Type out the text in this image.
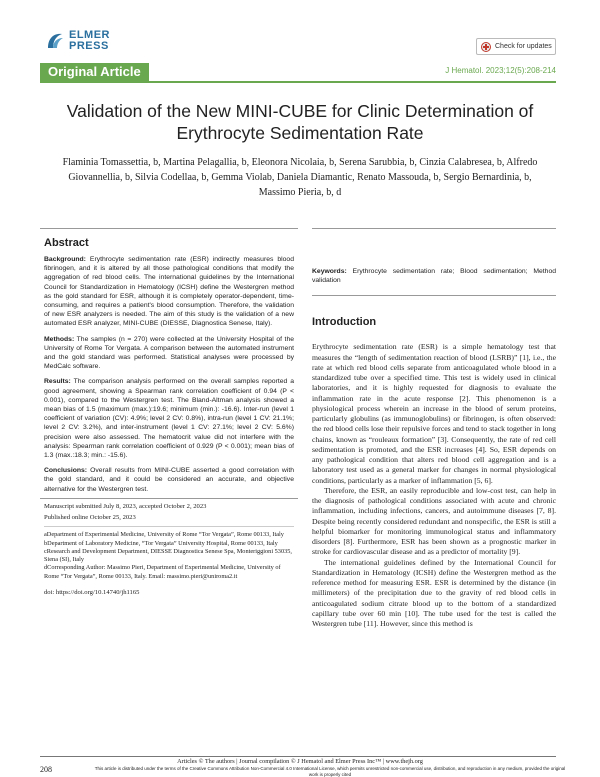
ELMER
PRESS	Check for updates
Original Article	J Hematol. 2023;12(5):208-214
Validation of the New MINI-CUBE for Clinic Determination of Erythrocyte Sedimentation Rate
Flaminia Tomassettia, b, Martina Pelagallia, b, Eleonora Nicolaia, b, Serena Sarubbia, b, Cinzia Calabresea, b, Alfredo Giovannellia, b, Silvia Codellaa, b, Gemma Violab, Daniela Diamantic, Renato Massouda, b, Sergio Bernardinia, b, Massimo Pieria, b, d
Abstract

Background: Erythrocyte sedimentation rate (ESR) indirectly measures blood fibrinogen, and it is altered by all those pathological conditions that modify the aggregation of red blood cells. The international guidelines by the International Council for Standardization in Hematology (ICSH) define the Westergren method as the gold standard for ESR, although it is completely operator-dependent, time-consuming, and requires a patient's blood consumption. Therefore, the validation of new ESR analyzers is needed. The aim of this study is the validation of a new automated ESR analyzer, MINI-CUBE (DIESSE, Diagnostica Senese, Italy).

Methods: The samples (n = 270) were collected at the University Hospital of the University of Rome Tor Vergata. A comparison between the automated instrument and the gold standard was performed. Statistical analyses were processed by MedCalc software.

Results: The comparison analysis performed on the overall samples reported a good agreement, showing a Spearman rank correlation coefficient of 0.94 (P < 0.001), compared to the Westergren test. The Bland-Altman analysis showed a mean bias of 1.5 (maximum (max.):19.6; minimum (min.): -16.6). Inter-run (level 1 coefficient of variation (CV): 4.9%; level 2 CV: 0.8%), intra-run (level 1 CV: 21.1%; level 2 CV: 3.2%), and inter-instrument (level 1 CV: 27.1%; level 2 CV: 5.6%) precision were also assessed. The hematocrit value did not interfere with the analysis: Spearman rank correlation coefficient of 0.929 (P < 0.001); mean bias of 1.3 (max.:18.3; min.: -15.6).

Conclusions: Overall results from MINI-CUBE asserted a good correlation with the gold standard, and it could be considered an accurate, and objective alternative for the Westergren test.

Manuscript submitted July 8, 2023, accepted October 2, 2023
Published online October 25, 2023
aDepartment of Experimental Medicine, University of Rome “Tor Vergata”, Rome 00133, Italy
bDepartment of Laboratory Medicine, “Tor Vergata” University Hospital, Rome 00133, Italy
cResearch and Development Department, DIESSE Diagnostica Senese Spa, Monteriggioni 53035, Siena (SI), Italy
dCorresponding Author: Massimo Pieri, Department of Experimental Medicine, University of Rome “Tor Vergata”, Rome 00133, Italy. Email: massimo.pieri@uniroma2.it
doi: https://doi.org/10.14740/jh1165

Keywords: Erythrocyte sedimentation rate; Blood sedimentation; Method validation

Introduction

Erythrocyte sedimentation rate (ESR) is a simple hematology test that measures the “length of sedimentation reaction of blood (LSRB)” [1], i.e., the rate at which red blood cells separate from anticoagulated whole blood in a standardized tube over a specified time. This test is widely used in clinical laboratories, and it is highly requested for diagnosis to evaluate the inflammation rate in the acute response [2]. This phenomenon is a physiological process wherein an increase in the blood of serum proteins, particularly globulins (as immunoglobulins) or fibrinogen, is often observed: the red blood cells lose their repulsive forces and tend to stack together in long chains, known as “rouleaux formation” [3]. Consequently, the rate of red cell sedimentation is promoted, and the ESR increases [4]. So, ESR depends on any pathological condition that alters red blood cell aggregation and is a laboratory test used as a general marker for changes in normal physiological conditions, particularly as a marker of inflammation [5, 6].

Therefore, the ESR, an easily reproducible and low-cost test, can help in the diagnosis of pathological conditions associated with acute and chronic inflammation, including infections, cancers, and autoimmune diseases [7, 8]. Despite being recently considered redundant and nonspecific, the ESR is still a helpful biomarker for monitoring immunological status and inflammatory disorders [8]. Furthermore, ESR has been shown as a prognostic marker in stroke for cardiovascular disease and as a predictor of mortality [9].

The international guidelines defined by the International Council for Standardization in Hematology (ICSH) define the Westergren method as the reference method for measuring ESR. ESR is determined by the distance (in millimeters) of the precipitation due to the gravity of red blood cells in anticoagulated sodium citrate blood up to the bottom of a standardized capillary tube over 60 min [10]. The tube used for the test is called the Westergren tube [11]. However, since this method is

208
Articles © The authors | Journal compilation © J Hematol and Elmer Press Inc™ | www.thejh.org
This article is distributed under the terms of the Creative Commons Attribution Non-Commercial 4.0 International License, which permits unrestricted non-commercial use, distribution, and reproduction in any medium, provided the original work is properly cited
